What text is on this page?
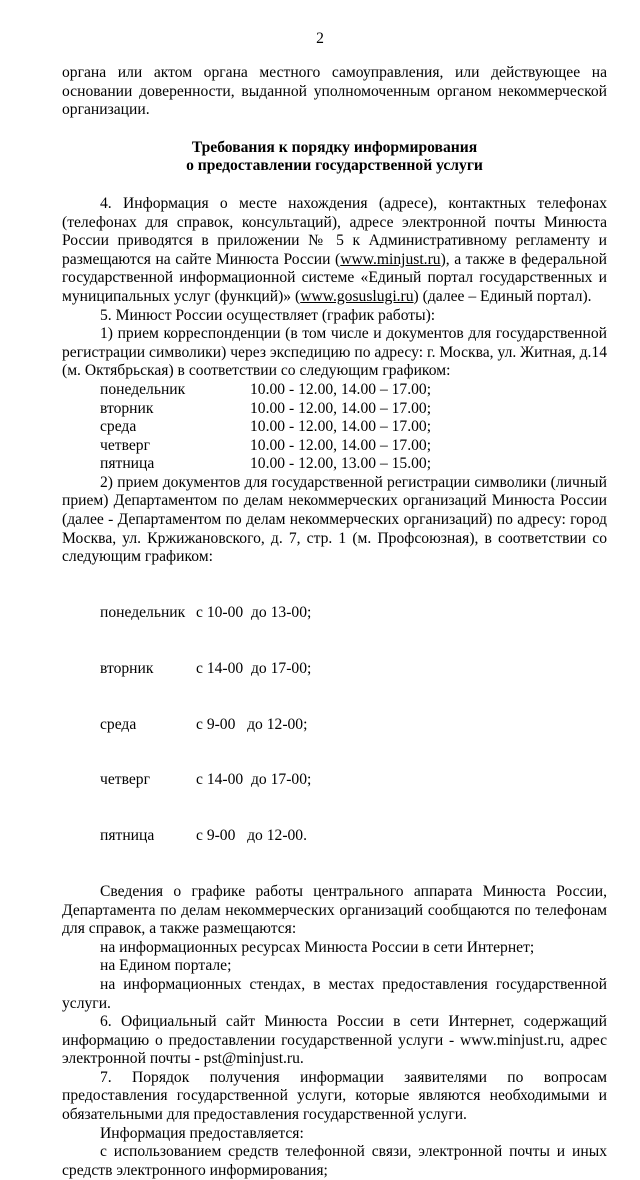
2

органа или актом органа местного самоуправления, или действующее на основании доверенности, выданной уполномоченным органом некоммерческой организации.

Требования к порядку информирования
о предоставлении государственной услуги

4. Информация о месте нахождения (адресе), контактных телефонах (телефонах для справок, консультаций), адресе электронной почты Минюста России приводятся в приложении № 5 к Административному регламенту и размещаются на сайте Минюста России (www.minjust.ru), а также в федеральной государственной информационной системе «Единый портал государственных и муниципальных услуг (функций)» (www.gosuslugi.ru) (далее – Единый портал).

5. Минюст России осуществляет (график работы):

1) прием корреспонденции (в том числе и документов для государственной регистрации символики) через экспедицию по адресу: г. Москва, ул. Житная, д.14 (м. Октябрьская) в соответствии со следующим графиком:

понедельник	10.00 - 12.00, 14.00 – 17.00;
вторник	10.00 - 12.00, 14.00 – 17.00;
среда	10.00 - 12.00, 14.00 – 17.00;
четверг	10.00 - 12.00, 14.00 – 17.00;
пятница	10.00 - 12.00, 13.00 – 15.00;

2) прием документов для государственной регистрации символики (личный прием) Департаментом по делам некоммерческих организаций Минюста России (далее - Департаментом по делам некоммерческих организаций) по адресу: город Москва, ул. Кржижановского, д. 7, стр. 1 (м. Профсоюзная), в соответствии со следующим графиком:

понедельник с 10-00  до 13-00;

вторник	с 14-00  до 17-00;

среда	с 9-00   до 12-00;

четверг	с 14-00  до 17-00;

пятница	с 9-00   до 12-00.

Сведения о графике работы центрального аппарата Минюста России, Департамента по делам некоммерческих организаций сообщаются по телефонам для справок, а также размещаются:

на информационных ресурсах Минюста России в сети Интернет;

на Едином портале;

на информационных стендах, в местах предоставления государственной услуги.

6. Официальный сайт Минюста России в сети Интернет, содержащий информацию о предоставлении государственной услуги - www.minjust.ru, адрес электронной почты - pst@minjust.ru.

7. Порядок получения информации заявителями по вопросам предоставления государственной услуги, которые являются необходимыми и обязательными для предоставления государственной услуги.

Информация предоставляется:

с использованием средств телефонной связи, электронной почты и иных средств электронного информирования;
